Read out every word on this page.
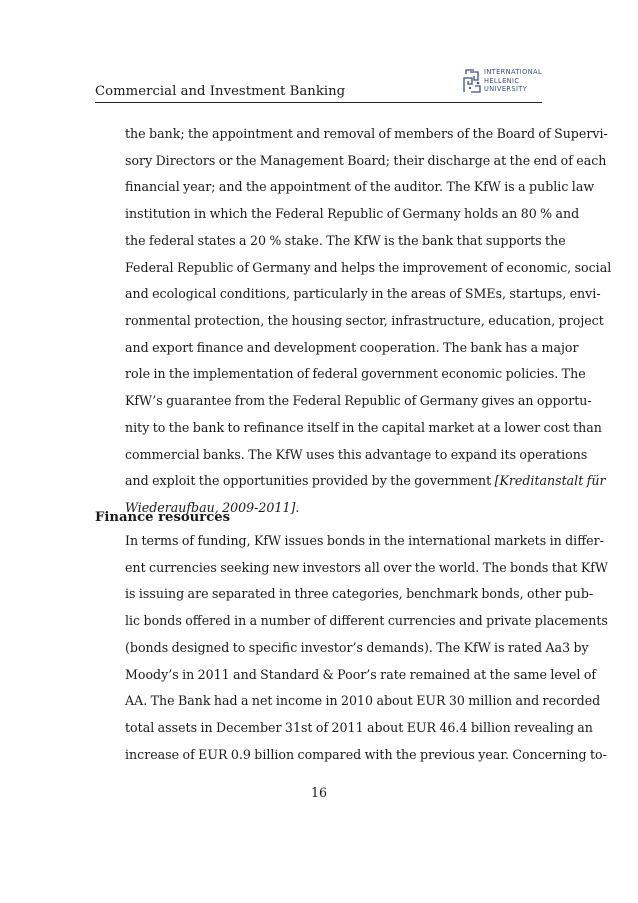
Commercial and Investment Banking
INTERNATIONAL
HELLENIC
UNIVERSITY
the bank; the appointment and removal of members of the Board of Supervi-
sory Directors or the Management Board; their discharge at the end of each
financial year; and the appointment of the auditor. The KfW is a public law
institution in which the Federal Republic of Germany holds an 80 % and
the federal states a 20 % stake. The KfW is the bank that supports the
Federal Republic of Germany and helps the improvement of economic, social
and ecological conditions, particularly in the areas of SMEs, startups, envi-
ronmental protection, the housing sector, infrastructure, education, project
and export finance and development cooperation. The bank has a major
role in the implementation of federal government economic policies. The
KfW’s guarantee from the Federal Republic of Germany gives an opportu-
nity to the bank to refinance itself in the capital market at a lower cost than
commercial banks. The KfW uses this advantage to expand its operations
and exploit the opportunities provided by the government [Kreditanstalt für
Wiederaufbau, 2009-2011].
Finance resources
In terms of funding, KfW issues bonds in the international markets in differ-
ent currencies seeking new investors all over the world. The bonds that KfW
is issuing are separated in three categories, benchmark bonds, other pub-
lic bonds offered in a number of different currencies and private placements
(bonds designed to specific investor’s demands). The KfW is rated Aa3 by
Moody’s in 2011 and Standard & Poor’s rate remained at the same level of
AA. The Bank had a net income in 2010 about EUR 30 million and recorded
total assets in December 31st of 2011 about EUR 46.4 billion revealing an
increase of EUR 0.9 billion compared with the previous year. Concerning to-
16
